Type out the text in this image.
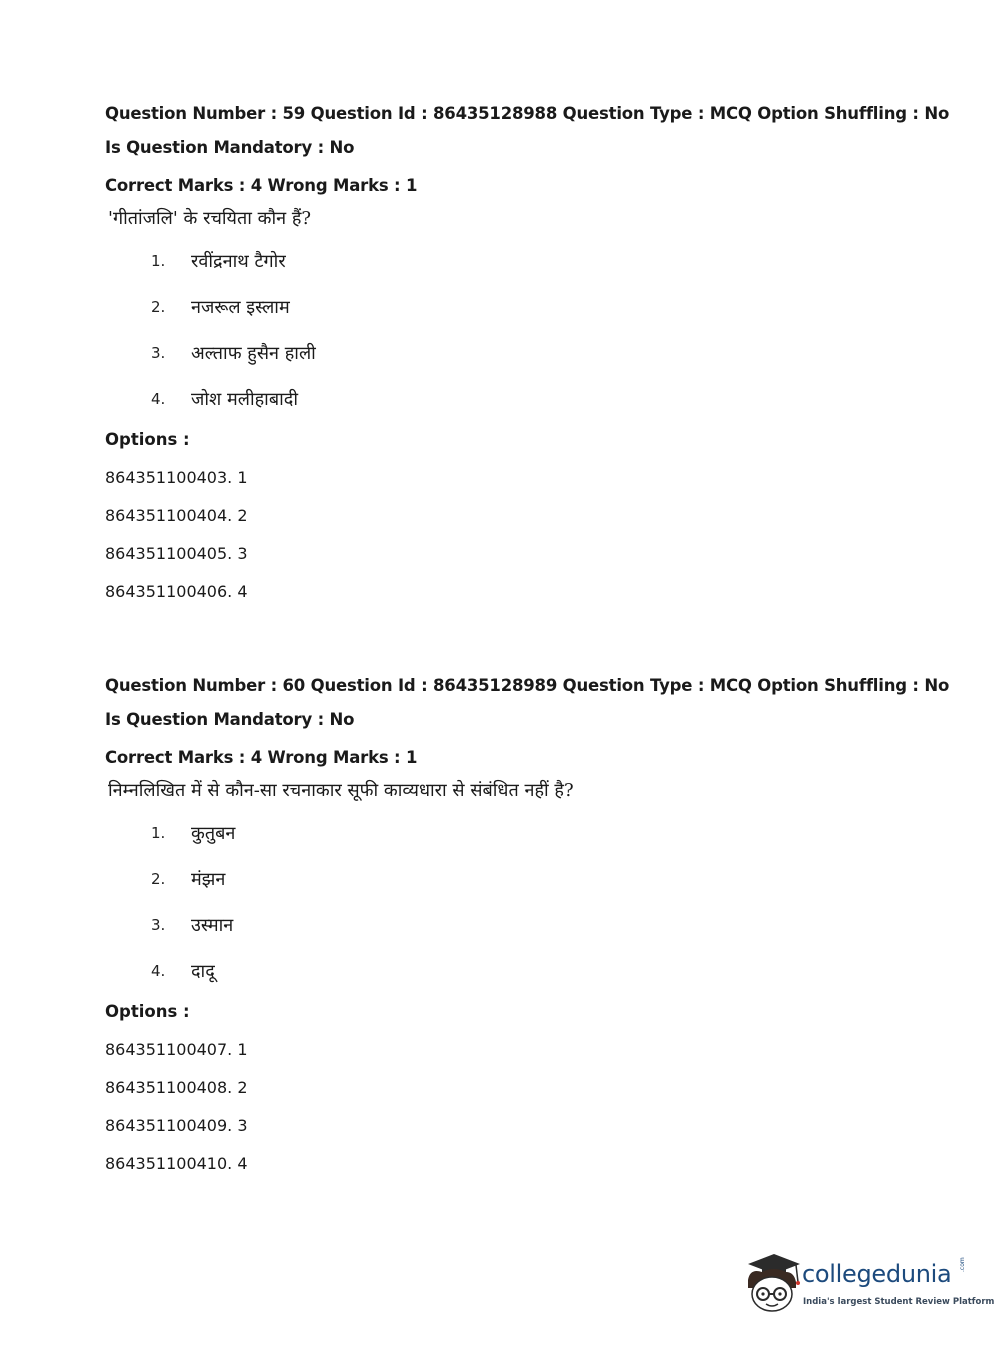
Question Number : 59 Question Id : 86435128988 Question Type : MCQ Option Shuffling : No
Is Question Mandatory : No
Correct Marks : 4 Wrong Marks : 1
'गीतांजलि' के रचयिता कौन हैं?
1.	रवींद्रनाथ टैगोर
2.	नजरूल इस्लाम
3.	अल्ताफ हुसैन हाली
4.	जोश मलीहाबादी
Options :
864351100403. 1
864351100404. 2
864351100405. 3
864351100406. 4
Question Number : 60 Question Id : 86435128989 Question Type : MCQ Option Shuffling : No
Is Question Mandatory : No
Correct Marks : 4 Wrong Marks : 1
निम्नलिखित में से कौन-सा रचनाकार सूफी काव्यधारा से संबंधित नहीं है?
1.	कुतुबन
2.	मंझन
3.	उस्मान
4.	दादू
Options :
864351100407. 1
864351100408. 2
864351100409. 3
864351100410. 4
collegedunia .com
India's largest Student Review Platform
